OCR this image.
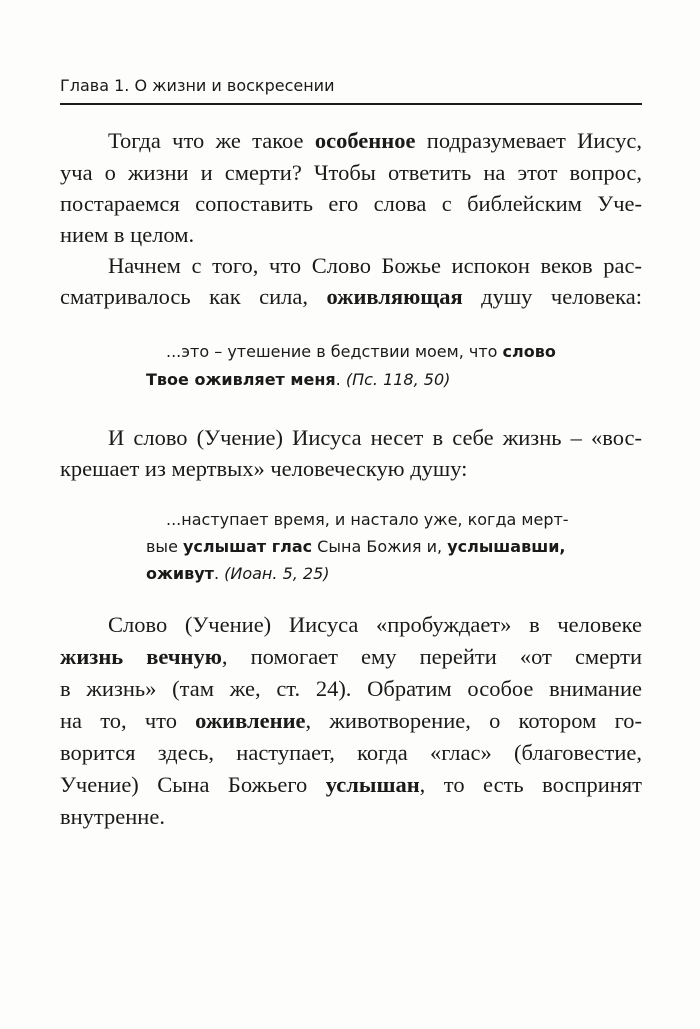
Глава 1. О жизни и воскресении
Тогда что же такое особенное подразумевает Иисус,
уча о жизни и смерти? Чтобы ответить на этот вопрос,
постараемся сопоставить его слова с библейским Уче-
нием в целом.
Начнем с того, что Слово Божье испокон веков рас-
сматривалось как сила, оживляющая душу человека:
...это – утешение в бедствии моем, что слово
Твое оживляет меня. (Пс. 118, 50)
И слово (Учение) Иисуса несет в себе жизнь – «вос-
крешает из мертвых» человеческую душу:
...наступает время, и настало уже, когда мерт-
вые услышат глас Сына Божия и, услышавши,
оживут. (Иоан. 5, 25)
Слово (Учение) Иисуса «пробуждает» в человеке
жизнь вечную, помогает ему перейти «от смерти
в жизнь» (там же, ст. 24). Обратим особое внимание
на то, что оживление, животворение, о котором го-
ворится здесь, наступает, когда «глас» (благовестие,
Учение) Сына Божьего услышан, то есть воспринят
внутренне.
